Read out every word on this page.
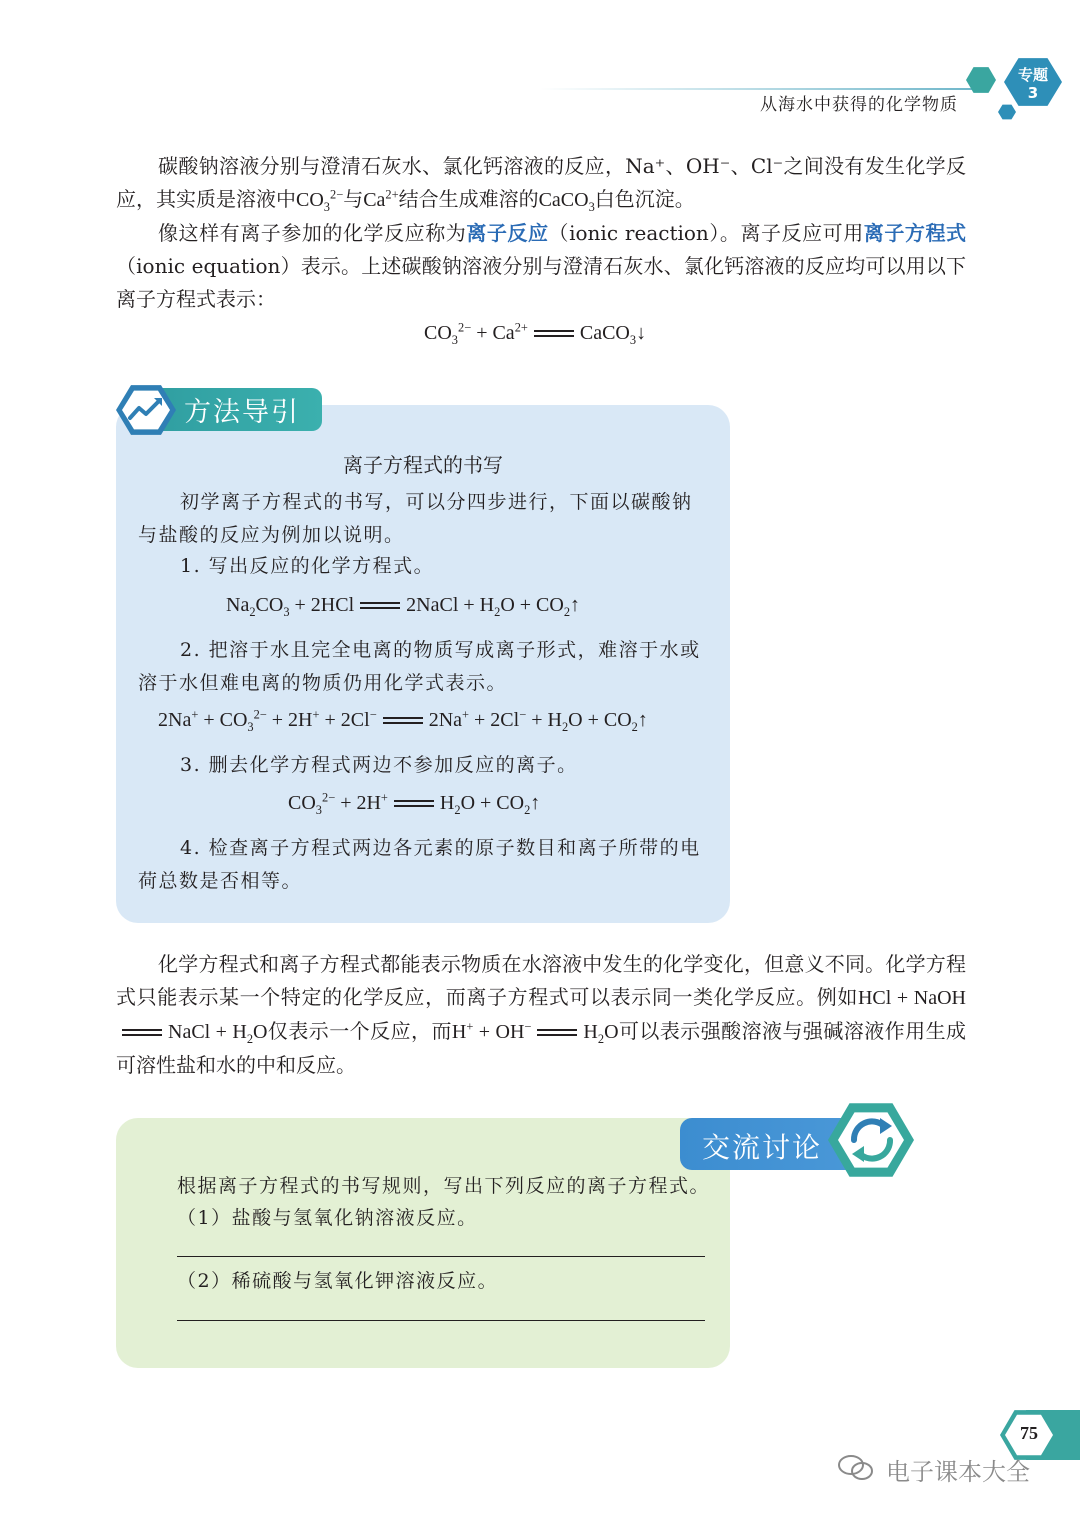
从海水中获得的化学物质
专题
3
碳酸钠溶液分别与澄清石灰水、氯化钙溶液的反应，Na⁺、OH⁻、Cl⁻之间没有发生化学反应，其实质是溶液中$CO_3^{2-}$与$Ca^{2+}$结合生成难溶的CaCO$_3$白色沉淀。
像这样有离子参加的化学反应称为离子反应（ionic reaction）。离子反应可用离子方程式（ionic equation）表示。上述碳酸钠溶液分别与澄清石灰水、氯化钙溶液的反应均可以用以下离子方程式表示：
$CO_3^{2-} + Ca^{2+}$	CaCO$_3$↓
方法导引
离子方程式的书写
初学离子方程式的书写，可以分四步进行，下面以碳酸钠与盐酸的反应为例加以说明。
1. 写出反应的化学方程式。
$Na_2CO_3 + 2HCl$	2NaCl + $H_2O$ + $CO_2↑$
2. 把溶于水且完全电离的物质写成离子形式，难溶于水或溶于水但难电离的物质仍用化学式表示。
$2Na^+ + CO_3^{2-} + 2H^+ + 2Cl^-$	$2Na^+ + 2Cl^- + H_2O$ + $CO_2↑$
3. 删去化学方程式两边不参加反应的离子。
$CO_3^{2-} + 2H^+$	$H_2O$ + $CO_2↑$
4. 检查离子方程式两边各元素的原子数目和离子所带的电荷总数是否相等。
化学方程式和离子方程式都能表示物质在水溶液中发生的化学变化，但意义不同。化学方程式只能表示某一个特定的化学反应，而离子方程式可以表示同一类化学反应。例如HCl + NaOHNaCl + $H_2O$仅表示一个反应，而H+ + OH−	$H_2O$可以表示强酸溶液与强碱溶液作用生成可溶性盐和水的中和反应。
交流讨论
根据离子方程式的书写规则，写出下列反应的离子方程式。
（1）盐酸与氢氧化钠溶液反应。
（2）稀硫酸与氢氧化钾溶液反应。
75
电子课本大全
